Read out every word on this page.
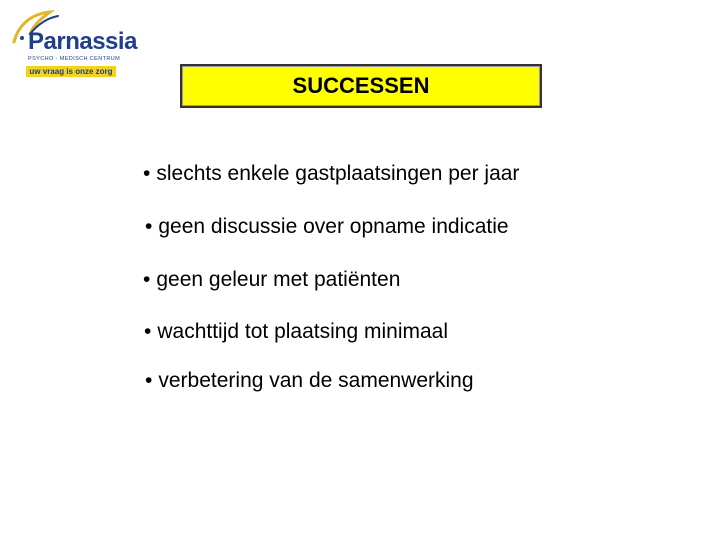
Parnassia
PSYCHO - MEDISCH CENTRUM
uw vraag is onze zorg
SUCCESSEN
• slechts enkele gastplaatsingen per jaar
• geen discussie over opname indicatie
• geen geleur met patiënten
• wachttijd tot plaatsing minimaal
• verbetering van de samenwerking
